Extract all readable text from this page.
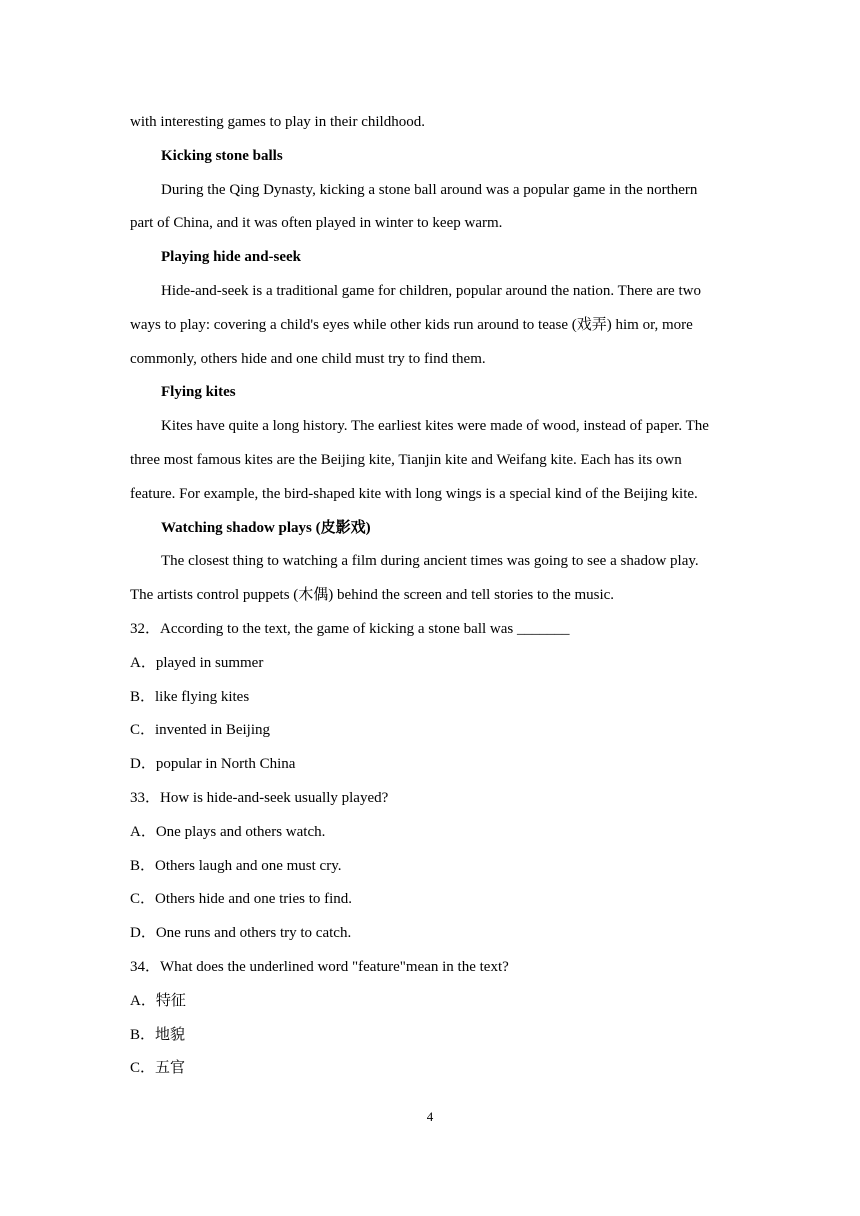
with interesting games to play in their childhood.
Kicking stone balls
During the Qing Dynasty, kicking a stone ball around was a popular game in the northern
part of China, and it was often played in winter to keep warm.
Playing hide and-seek
Hide-and-seek is a traditional game for children, popular around the nation. There are two
ways to play: covering a child's eyes while other kids run around to tease (戏弄) him or, more
commonly, others hide and one child must try to find them.
Flying kites
Kites have quite a long history. The earliest kites were made of wood, instead of paper. The
three most famous kites are the Beijing kite, Tianjin kite and Weifang kite. Each has its own
feature. For example, the bird-shaped kite with long wings is a special kind of the Beijing kite.
Watching shadow plays (皮影戏)
The closest thing to watching a film during ancient times was going to see a shadow play.
The artists control puppets (木偶) behind the screen and tell stories to the music.
32．According to the text, the game of kicking a stone ball was _______
A．played in summer
B．like flying kites
C．invented in Beijing
D．popular in North China
33．How is hide-and-seek usually played?
A．One plays and others watch.
B．Others laugh and one must cry.
C．Others hide and one tries to find.
D．One runs and others try to catch.
34．What does the underlined word "feature"mean in the text?
A．特征
B．地貌
C．五官
4
